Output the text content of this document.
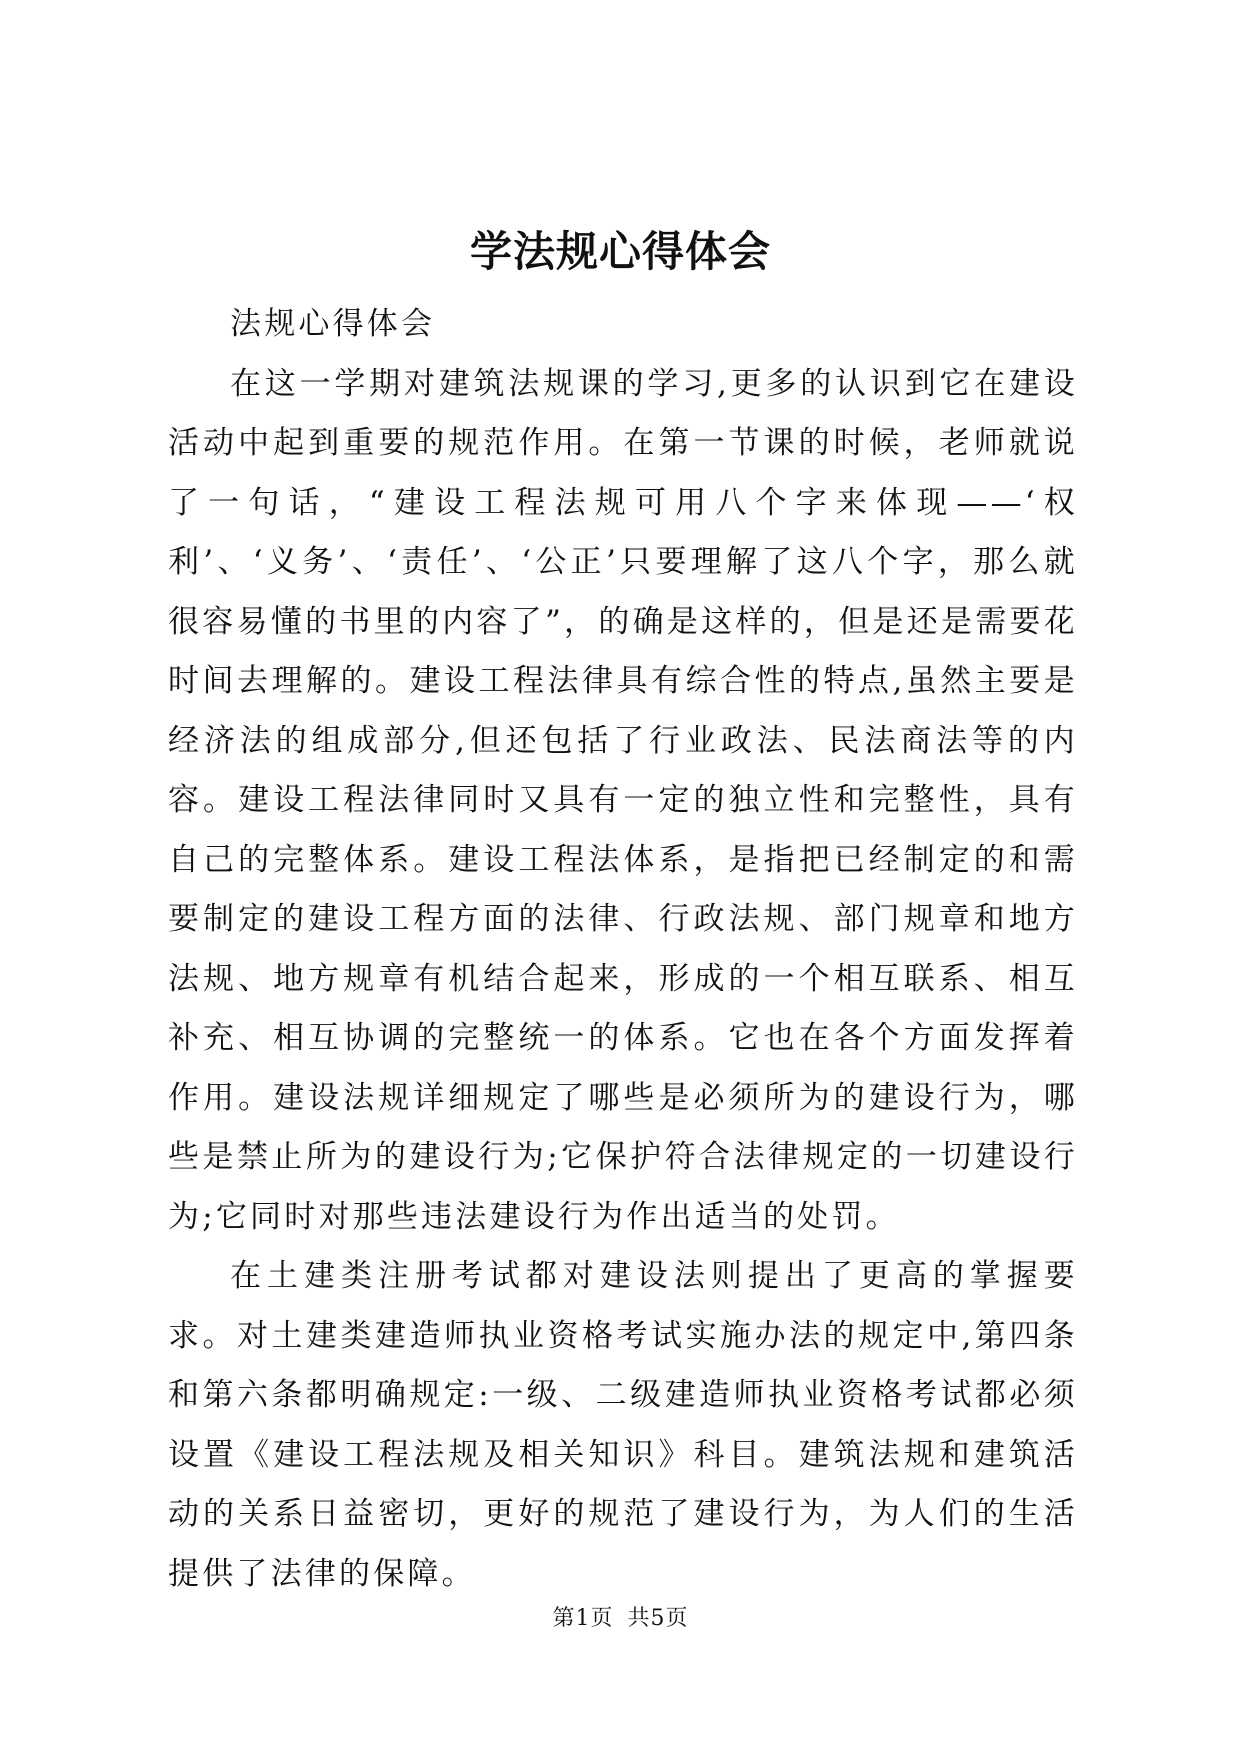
学法规心得体会

法规心得体会

在这一学期对建筑法规课的学习,更多的认识到它在建设活动中起到重要的规范作用。在第一节课的时候，老师就说了一句话，“建设工程法规可用八个字来体现——‘权利’、‘义务’、‘责任’、‘公正’只要理解了这八个字，那么就很容易懂的书里的内容了”，的确是这样的，但是还是需要花时间去理解的。建设工程法律具有综合性的特点,虽然主要是经济法的组成部分,但还包括了行业政法、民法商法等的内容。建设工程法律同时又具有一定的独立性和完整性，具有自己的完整体系。建设工程法体系，是指把已经制定的和需要制定的建设工程方面的法律、行政法规、部门规章和地方法规、地方规章有机结合起来，形成的一个相互联系、相互补充、相互协调的完整统一的体系。它也在各个方面发挥着作用。建设法规详细规定了哪些是必须所为的建设行为，哪些是禁止所为的建设行为;它保护符合法律规定的一切建设行为;它同时对那些违法建设行为作出适当的处罚。

在土建类注册考试都对建设法则提出了更高的掌握要求。对土建类建造师执业资格考试实施办法的规定中,第四条和第六条都明确规定:一级、二级建造师执业资格考试都必须设置《建设工程法规及相关知识》科目。建筑法规和建筑活动的关系日益密切，更好的规范了建设行为，为人们的生活提供了法律的保障。

第1页 共5页
